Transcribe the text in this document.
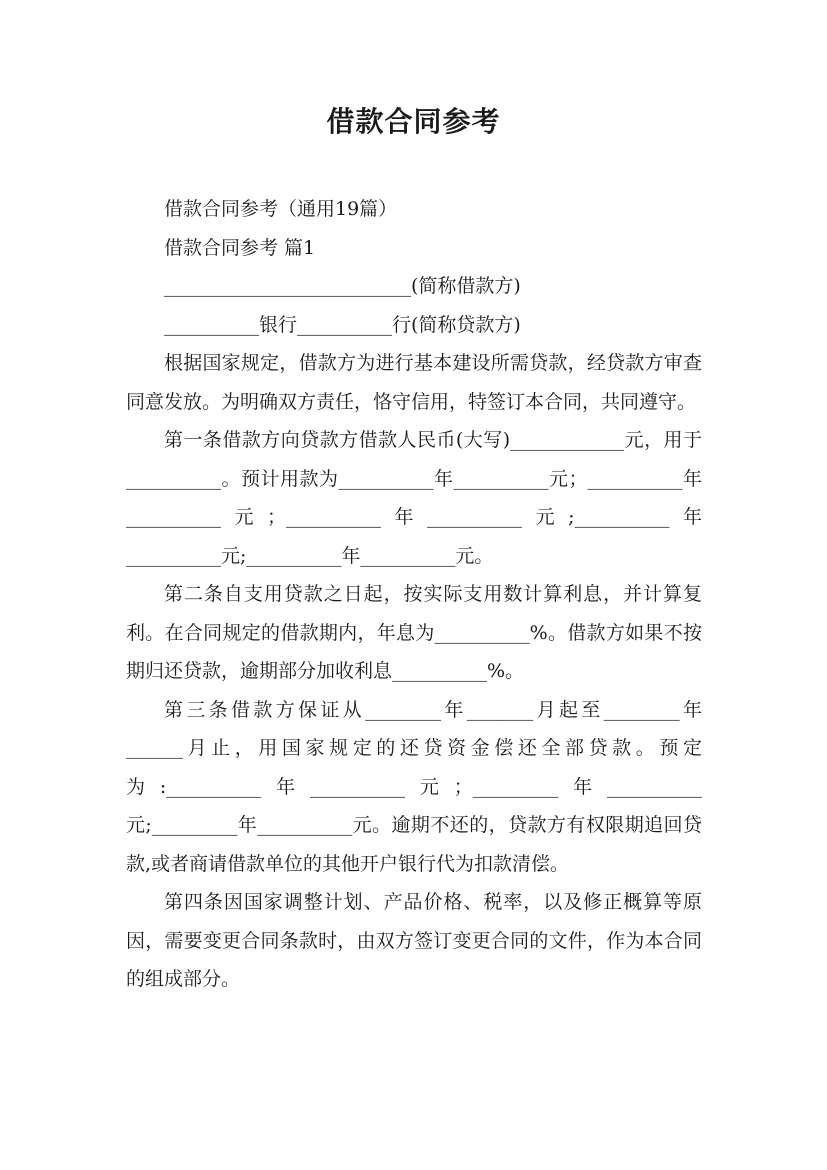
借款合同参考

借款合同参考（通用19篇）

借款合同参考 篇1

__________________________(简称借款方)

__________银行__________行(简称贷款方)

根据国家规定，借款方为进行基本建设所需贷款，经贷款方审查同意发放。为明确双方责任，恪守信用，特签订本合同，共同遵守。

第一条借款方向贷款方借款人民币(大写)____________元，用于__________。预计用款为__________年__________元；__________年__________元；__________年__________元;__________年__________元;__________年__________元。

第二条自支用贷款之日起，按实际支用数计算利息，并计算复利。在合同规定的借款期内，年息为__________%。借款方如果不按期归还贷款，逾期部分加收利息__________%。

第三条借款方保证从________年_______月起至________年______月止，用国家规定的还贷资金偿还全部贷款。预定为:__________年__________元；_________年__________元;_________年__________元。逾期不还的，贷款方有权限期追回贷款,或者商请借款单位的其他开户银行代为扣款清偿。

第四条因国家调整计划、产品价格、税率，以及修正概算等原因，需要变更合同条款时，由双方签订变更合同的文件，作为本合同的组成部分。
